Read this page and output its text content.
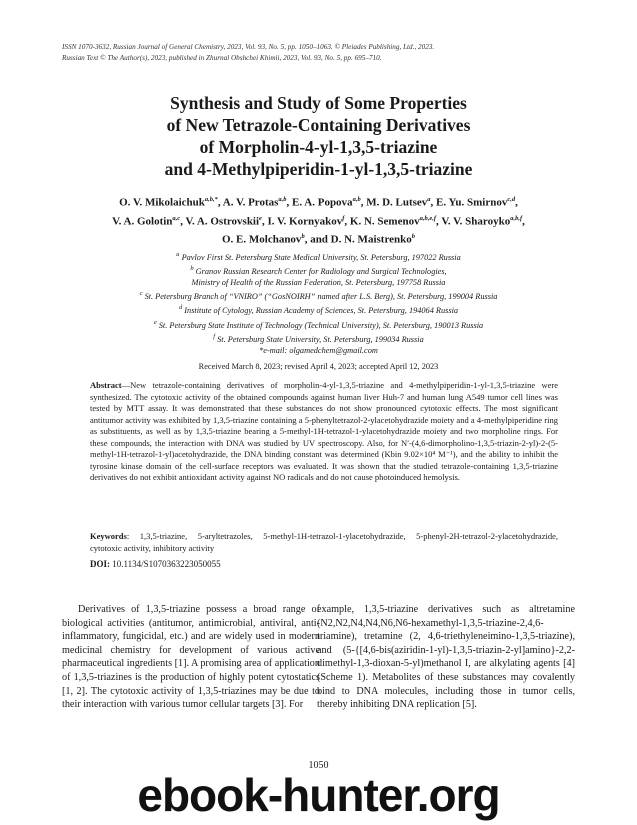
ISSN 1070-3632, Russian Journal of General Chemistry, 2023, Vol. 93, No. 5, pp. 1050–1063. © Pleiades Publishing, Ltd., 2023.
Russian Text © The Author(s), 2023, published in Zhurnal Obshchei Khimii, 2023, Vol. 93, No. 5, pp. 695–710.
Synthesis and Study of Some Properties
of New Tetrazole-Containing Derivatives
of Morpholin-4-yl-1,3,5-triazine
and 4-Methylpiperidin-1-yl-1,3,5-triazine
O. V. Mikolaichuk$^{a,b,*}$, A. V. Protas$^{a,b}$, E. A. Popova$^{a,b}$, M. D. Lutsev$^a$, E. Yu. Smirnov$^{c,d}$,
V. A. Golotin$^{a,c}$, V. A. Ostrovskii$^e$, I. V. Kornyakov$^f$, K. N. Semenov$^{a,b,e,f}$, V. V. Sharoyko$^{a,b,f}$,
O. E. Molchanov$^b$, and D. N. Maistrenko$^b$
$^a$ Pavlov First St. Petersburg State Medical University, St. Petersburg, 197022 Russia
$^b$ Granov Russian Research Center for Radiology and Surgical Technologies,
Ministry of Health of the Russian Federation, St. Petersburg, 197758 Russia
$^c$ St. Petersburg Branch of “VNIRO” (“GosNOIRH” named after L.S. Berg), St. Petersburg, 199004 Russia
$^d$ Institute of Cytology, Russian Academy of Sciences, St. Petersburg, 194064 Russia
$^e$ St. Petersburg State Institute of Technology (Technical University), St. Petersburg, 190013 Russia
$^f$ St. Petersburg State University, St. Petersburg, 199034 Russia
*e-mail: olgamedchem@gmail.com
Received March 8, 2023; revised April 4, 2023; accepted April 12, 2023
Abstract—New tetrazole-containing derivatives of morpholin-4-yl-1,3,5-triazine and 4-methylpiperidin-1-yl-1,3,5-triazine were synthesized. The cytotoxic activity of the obtained compounds against human liver Huh-7 and human lung A549 tumor cell lines was tested by MTT assay. It was demonstrated that these substances do not show pronounced cytotoxic effects. The most significant antitumor activity was exhibited by 1,3,5-triazine containing a 5-phenyltetrazol-2-ylacetohydrazide moiety and a 4-methylpiperidine ring as substituents, as well as by 1,3,5-triazine bearing a 5-methyl-1H-tetrazol-1-ylacetohydrazide moiety and two morpholine rings. For these compounds, the interaction with DNA was studied by UV spectroscopy. Also, for N′-(4,6-dimorpholino-1,3,5-triazin-2-yl)-2-(5-methyl-1H-tetrazol-1-yl)acetohydrazide, the DNA binding constant was determined (Kbin 9.02×10⁴ M⁻¹), and the ability to inhibit the tyrosine kinase domain of the cell-surface receptors was evaluated. It was shown that the studied tetrazole-containing 1,3,5-triazine derivatives do not exhibit antioxidant activity against NO radicals and do not cause photoinduced hemolysis.
Keywords: 1,3,5-triazine, 5-aryltetrazoles, 5-methyl-1H-tetrazol-1-ylacetohydrazide, 5-phenyl-2H-tetrazol-2-ylacetohydrazide, cytotoxic activity, inhibitory activity
DOI: 10.1134/S1070363223050055
Derivatives of 1,3,5-triazine possess a broad range of biological activities (antitumor, antimicrobial, antiviral, anti-inflammatory, fungicidal, etc.) and are widely used in modern medicinal chemistry for development of various active pharmaceutical ingredients [1]. A promising area of application of 1,3,5-triazines is the production of highly potent cytostatics [1, 2]. The cytotoxic activity of 1,3,5-triazines may be due to their interaction with various tumor cellular targets [3]. For
example, 1,3,5-triazine derivatives such as altretamine (N2,N2,N4,N4,N6,N6-hexamethyl-1,3,5-triazine-2,4,6-triamine), tretamine (2, 4,6-triethyleneimino-1,3,5-triazine), and (5-{[4,6-bis(aziridin-1-yl)-1,3,5-triazin-2-yl]amino}-2,2-dimethyl-1,3-dioxan-5-yl)methanol I, are alkylating agents [4] (Scheme 1). Metabolites of these substances may covalently bind to DNA molecules, including those in tumor cells, thereby inhibiting DNA replication [5].
1050
ebook-hunter.org
